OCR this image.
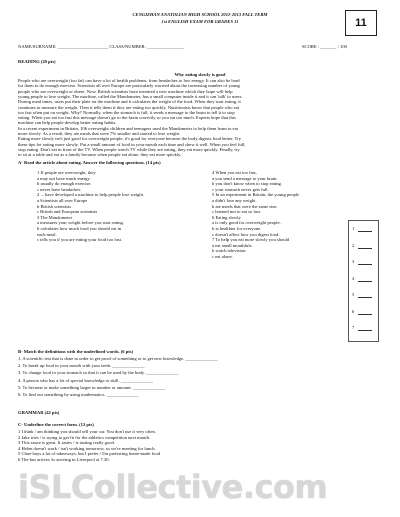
11
CENGIZHAN ANATOLIAN HIGH SCHOOL 2012-2013 FALL TERM
1st ENGLISH EXAM FOR GRADES 11
NAME/SURNAME: ______________________ CLASS/NUMBER: ________________	SCORE : _______ / 100
READING (20 pts)
Why eating slowly is good
People who are overweight (too fat) can have a lot of health problems, from headaches to low energy. It can also be hard
for them to do enough exercise. Scientists all over Europe are particularly worried about the increasing number of young
people who are overweight or obese. Now, British scientists have invented a new machine which they hope will help
young people to lose weight. The machine, called the Mandometer, has a small computer inside it and it can 'talk' to users.
During meal times, users put their plate on the machine and it calculates the weight of the food. When they start eating, it
continues to measure the weight. Then it tells them if they are eating too quickly. Nutritionists know that people who eat
too fast often put on weight. Why? Normally, when the stomach is full, it sends a message to the brain to tell it to stop
eating. When you eat too fast this message doesn't go to the brain correctly so you eat too much. Experts hope that this
machine can help people develop better eating habits.
In a recent experiment in Britain, 106 overweight children and teenagers used the Mandometer to help them learn to eat
more slowly. As a result, they ate meals that were 7% smaller and started to lose weight.
Eating more slowly isn't just good for overweight people, it's good for everyone because the body digests food better. Try
these tips for eating more slowly. Put a small amount of food in your mouth each time and chew it well. When you feel full,
stop eating. Don't eat in front of the TV. When people watch TV while they are eating, they eat more quickly. Finally, try
to sit at a table and eat as a family because when people eat alone, they eat more quickly.
A- Read the article about eating. Answer the following questions. (14 pts)
1 If people are overweight, they
a may not have much energy.
b usually do enough exercise.
c never have headaches.
2 ... have developed a machine to help people lose weight.
a Scientists all over Europe
b British scientists
c British and European scientists
3 The Mandometer
a measures your weight before you start eating.
b calculates how much food you should eat in
each meal.
c tells you if you are eating your food too fast.
4 When you eat too fast,
a you send a message to your brain.
b you don't know when to stop eating.
c your stomach never gets full.
5 In an experiment in Britain, the young people
a didn't lose any weight.
b ate meals that were the same size.
c learned not to eat so fast.
6 Eating slowly
a is only good for overweight people.
b is healthier for everyone.
c doesn't affect how you digest food.
7 To help you eat more slowly you should
a eat small mouthfuls.
b watch television.
c eat alone.
1
2
3
4
5
6
7
B- Match the definitions with the underlined words. (6 pts)
1. A scientific test that is done in order to get proof of something or to get new knowledge. ______________
2. To break up food in your mouth with your teeth. ______________
3. To change food in your stomach so that it can be used by the body. ______________
4. A person who has a lot of special knowledge or skill. ______________
5. To become or make something larger in number or amount. ______________
6. To find out something by using mathematics. ______________
GRAMMAR (42 pts)
C- Underline the correct form. (12 pts)
1 I think / am thinking you should sell your car. You don't use it very often.
2 Jake tries / is trying to get fit for the athletics competition next month.
3 This sauce is great. It tastes / is tasting really good.
4 Helen doesn't work / isn't working tomorrow, so we're meeting for lunch.
5 Clare buys a lot of takeaways, but I prefer / I'm preferring home-made food
6 The bus arrives /is arriving in Liverpool at 7.30.
iSLCollective.com
